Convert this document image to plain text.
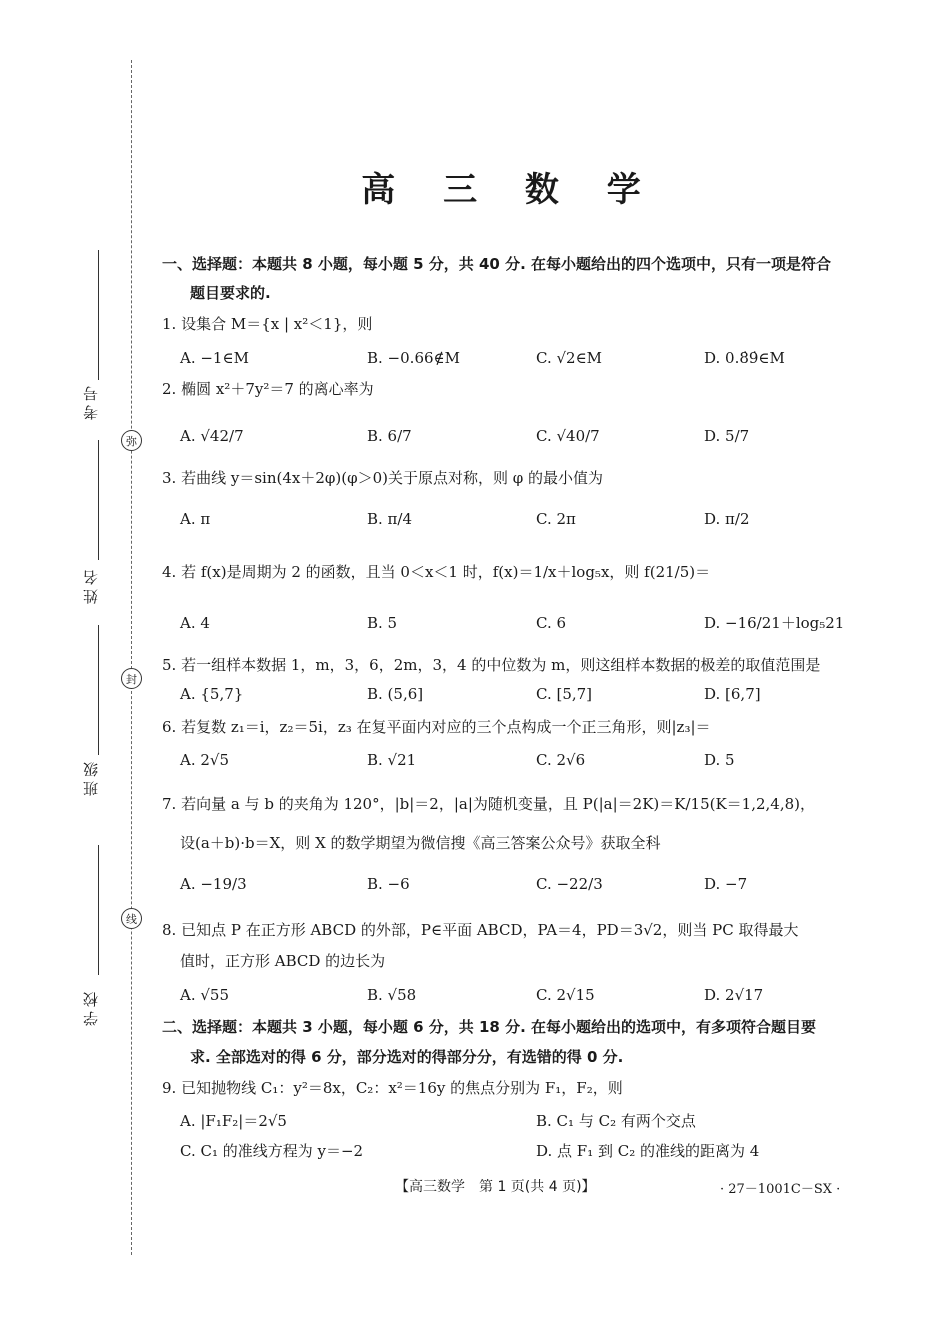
考号
姓名
班级
学校
弥
封
线
高 三 数 学
一、选择题：本题共 8 小题，每小题 5 分，共 40 分. 在每小题给出的四个选项中，只有一项是符合
题目要求的.
1. 设集合 M＝{x | x²＜1}，则
A. −1∈M	B. −0.66∉M	C. √2∈M	D. 0.8̇9̇∈M
2. 椭圆 x²＋7y²＝7 的离心率为
A. √42/7	B. 6/7	C. √40/7	D. 5/7
3. 若曲线 y＝sin(4x＋2φ)(φ＞0)关于原点对称，则 φ 的最小值为
A. π	B. π/4	C. 2π	D. π/2
4. 若 f(x)是周期为 2 的函数，且当 0＜x＜1 时，f(x)＝1/x＋log₅x，则 f(21/5)＝
A. 4	B. 5	C. 6	D. −16/21＋log₅21
5. 若一组样本数据 1，m，3，6，2m，3，4 的中位数为 m，则这组样本数据的极差的取值范围是
A. {5,7}	B. (5,6]	C. [5,7]	D. [6,7]
6. 若复数 z₁＝i，z₂＝5i，z₃ 在复平面内对应的三个点构成一个正三角形，则|z₃|＝
A. 2√5	B. √21	C. 2√6	D. 5
7. 若向量 a 与 b 的夹角为 120°，|b|＝2，|a|为随机变量，且 P(|a|＝2K)＝K/15(K＝1,2,4,8)，
设(a＋b)·b＝X，则 X 的数学期望为微信搜《高三答案公众号》获取全科
A. −19/3	B. −6	C. −22/3	D. −7
8. 已知点 P 在正方形 ABCD 的外部，P∈平面 ABCD，PA＝4，PD＝3√2，则当 PC 取得最大
值时，正方形 ABCD 的边长为
A. √55	B. √58	C. 2√15	D. 2√17
二、选择题：本题共 3 小题，每小题 6 分，共 18 分. 在每小题给出的选项中，有多项符合题目要
求. 全部选对的得 6 分，部分选对的得部分分，有选错的得 0 分.
9. 已知抛物线 C₁：y²＝8x，C₂：x²＝16y 的焦点分别为 F₁，F₂，则
A. |F₁F₂|＝2√5	B. C₁ 与 C₂ 有两个交点
C. C₁ 的准线方程为 y＝−2	D. 点 F₁ 到 C₂ 的准线的距离为 4
【高三数学　第 1 页(共 4 页)】	· 27－1001C－SX ·
